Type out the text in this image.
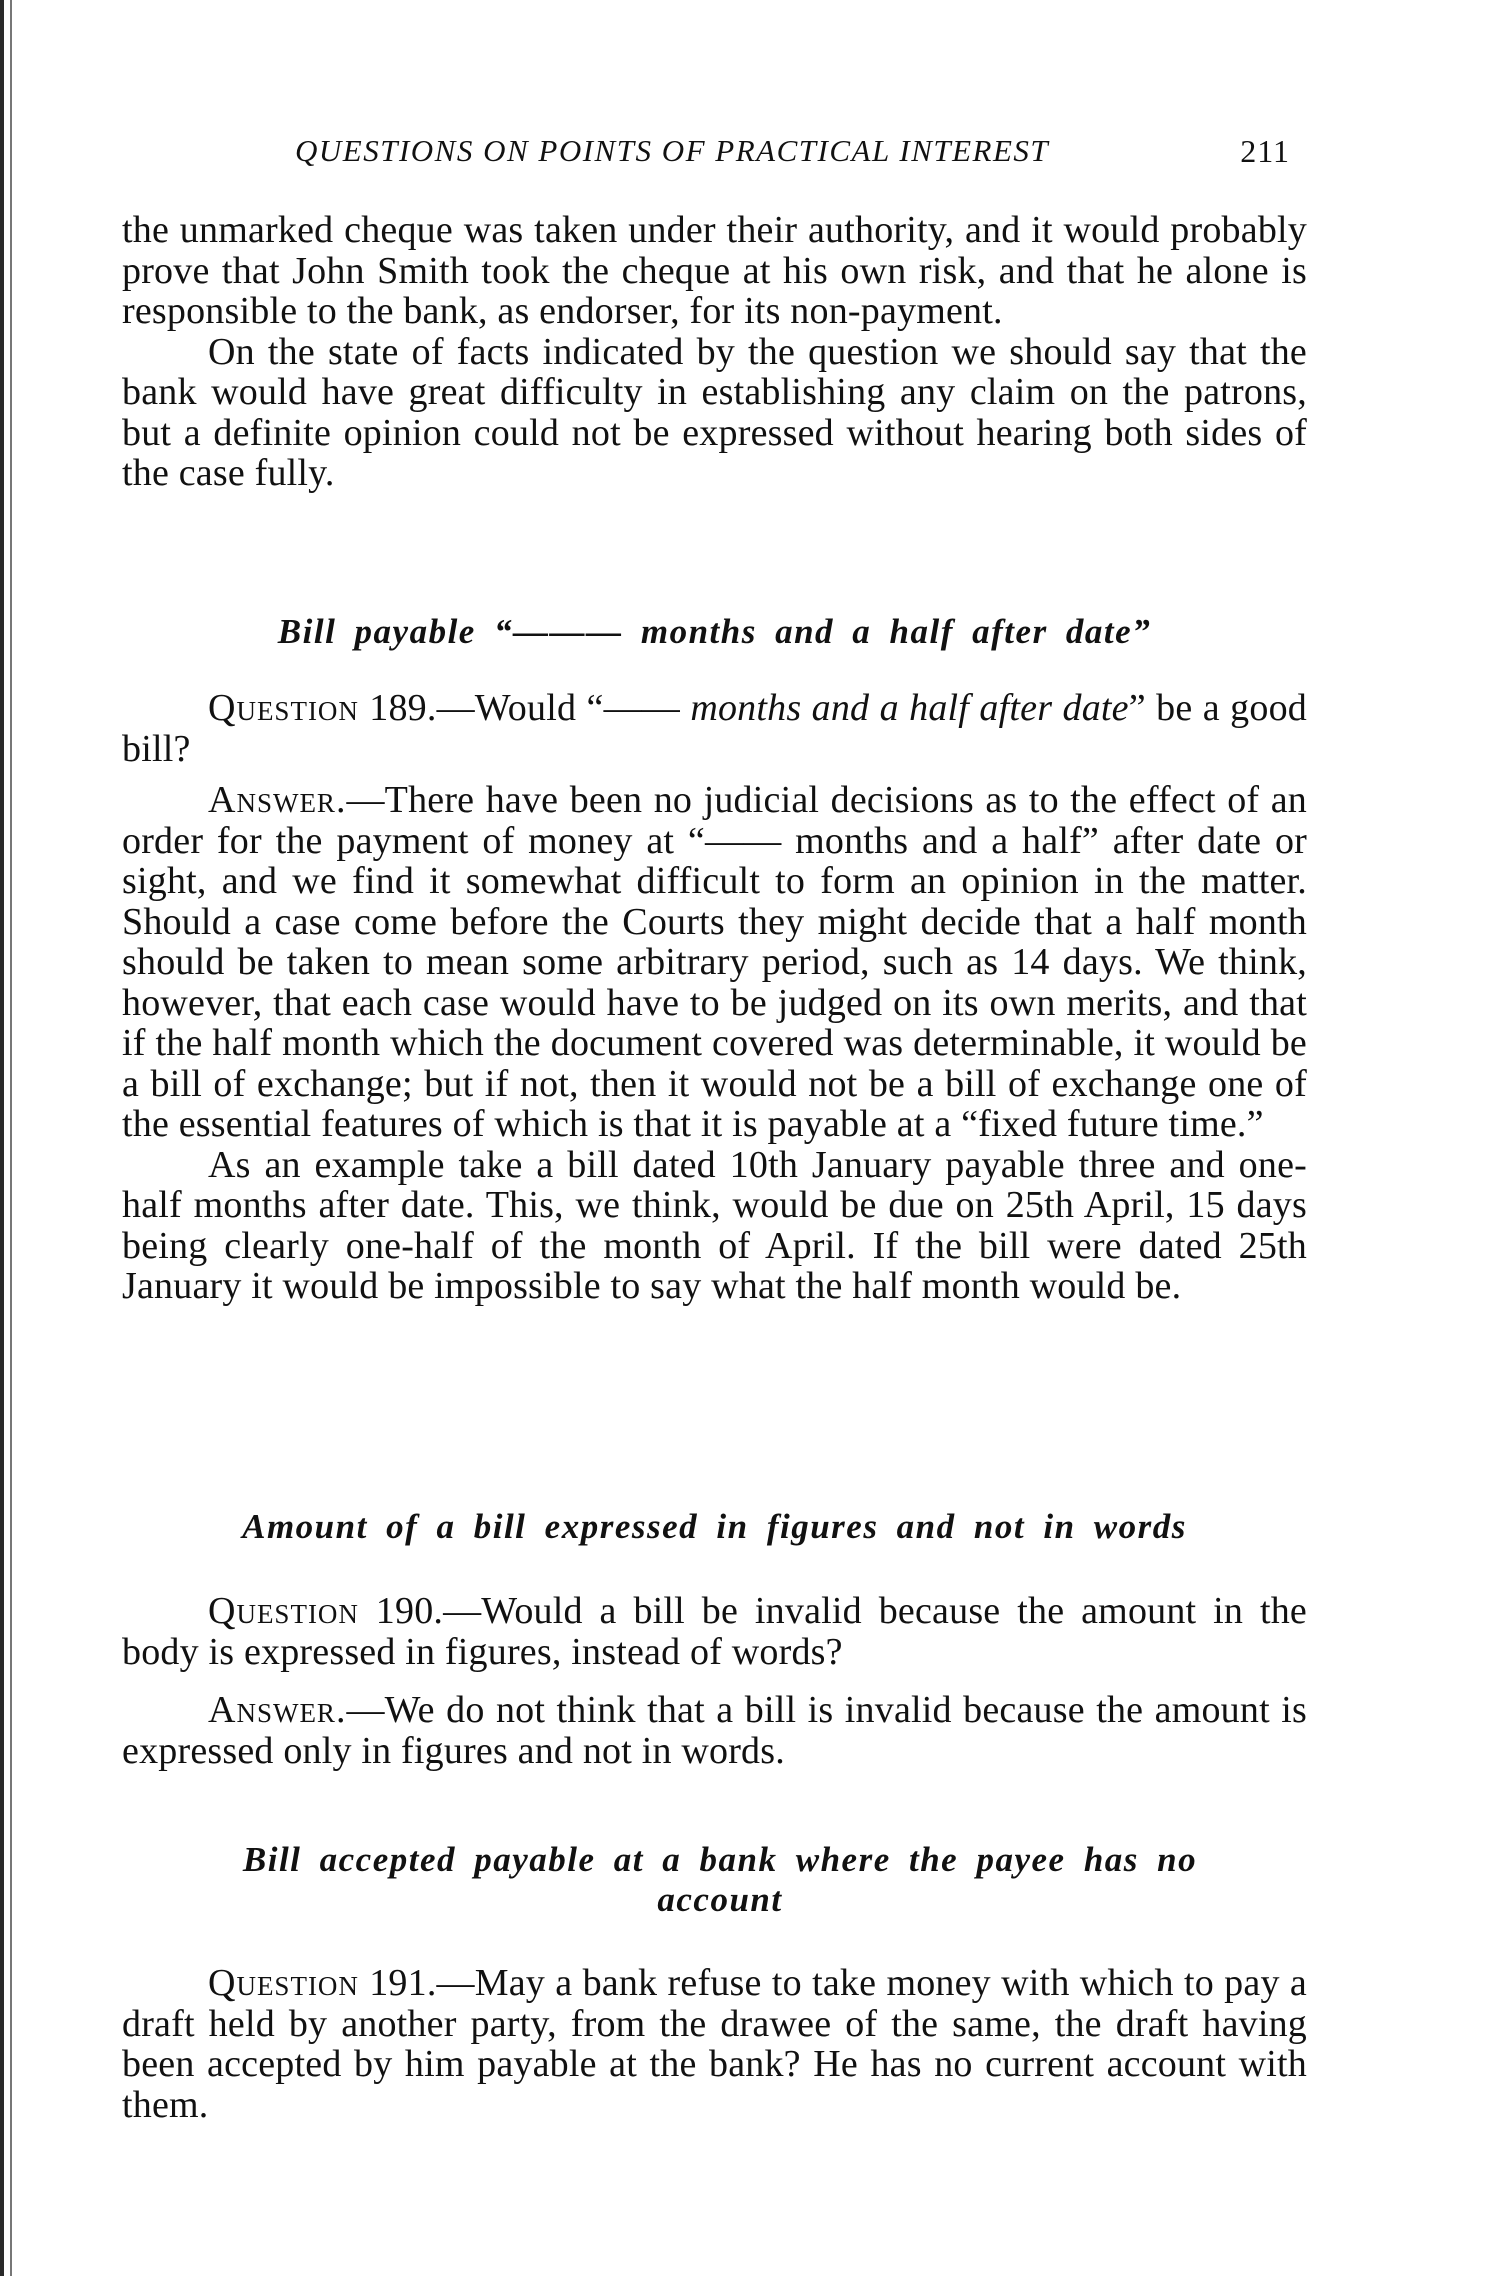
QUESTIONS ON POINTS OF PRACTICAL INTEREST	211

the unmarked cheque was taken under their authority, and it would probably prove that John Smith took the cheque at his own risk, and that he alone is responsible to the bank, as endorser, for its non-payment.

On the state of facts indicated by the question we should say that the bank would have great difficulty in establishing any claim on the patrons, but a definite opinion could not be expressed without hearing both sides of the case fully.

Bill payable “——— months and a half after date”

Question 189.—Would “—— months and a half after date” be a good bill?

Answer.—There have been no judicial decisions as to the effect of an order for the payment of money at “—— months and a half” after date or sight, and we find it somewhat difficult to form an opinion in the matter. Should a case come before the Courts they might decide that a half month should be taken to mean some arbitrary period, such as 14 days. We think, however, that each case would have to be judged on its own merits, and that if the half month which the document covered was determinable, it would be a bill of exchange; but if not, then it would not be a bill of exchange one of the essential features of which is that it is payable at a “fixed future time.”

As an example take a bill dated 10th January payable three and one-half months after date. This, we think, would be due on 25th April, 15 days being clearly one-half of the month of April. If the bill were dated 25th January it would be impossible to say what the half month would be.

Amount of a bill expressed in figures and not in words

Question 190.—Would a bill be invalid because the amount in the body is expressed in figures, instead of words?

Answer.—We do not think that a bill is invalid because the amount is expressed only in figures and not in words.

Bill accepted payable at a bank where the payee has no account

Question 191.—May a bank refuse to take money with which to pay a draft held by another party, from the drawee of the same, the draft having been accepted by him payable at the bank? He has no current account with them.
